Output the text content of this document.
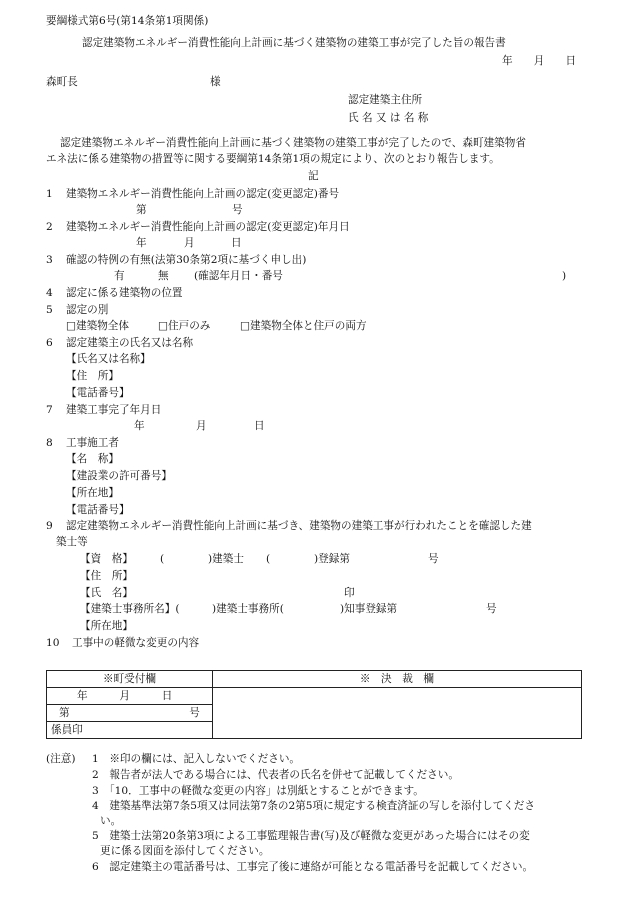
要綱様式第6号(第14条第1項関係)
認定建築物エネルギー消費性能向上計画に基づく建築物の建築工事が完了した旨の報告書
年　　月　　日
森町長	様
認定建築主住所
氏 名 又 は 名 称
認定建築物エネルギー消費性能向上計画に基づく建築物の建築工事が完了したので、森町建築物省
エネ法に係る建築物の措置等に関する要綱第14条第1項の規定により、次のとおり報告します。
記
1 建築物エネルギー消費性能向上計画の認定(変更認定)番号
第	号
2 建築物エネルギー消費性能向上計画の認定(変更認定)年月日
年	月	日
3 確認の特例の有無(法第30条第2項に基づく申し出)
有	無 (確認年月日・番号	)
4 認定に係る建築物の位置
5 認定の別
□建築物全体	□住戸のみ	□建築物全体と住戸の両方
6 認定建築主の氏名又は名称
【氏名又は名称】
【住　所】
【電話番号】
7 建築工事完了年月日
年	月	日
8 工事施工者
【名　称】
【建設業の許可番号】
【所在地】
【電話番号】
9 認定建築物エネルギー消費性能向上計画に基づき、建築物の建築工事が行われたことを確認した建
築士等
【資　格】	(	)建築士 (	)登録第	号
【住　所】
【氏　名】	印
【建築士事務所名】(	)建築士事務所(	)知事登録第	号
【所在地】
10 工事中の軽微な変更の内容
※町受付欄	※　決　裁　欄
年　　　月　　　日	

第 号	

係員印	
(注意) 1　※印の欄には、記入しないでください。
2　報告者が法人である場合には、代表者の氏名を併せて記載してください。
3　「10．工事中の軽微な変更の内容」は別紙とすることができます。
4　建築基準法第7条5項又は同法第7条の2第5項に規定する検査済証の写しを添付してくださ
い。
5　建築士法第20条第3項による工事監理報告書(写)及び軽微な変更があった場合にはその変
更に係る図面を添付してください。
6　認定建築主の電話番号は、工事完了後に連絡が可能となる電話番号を記載してください。
